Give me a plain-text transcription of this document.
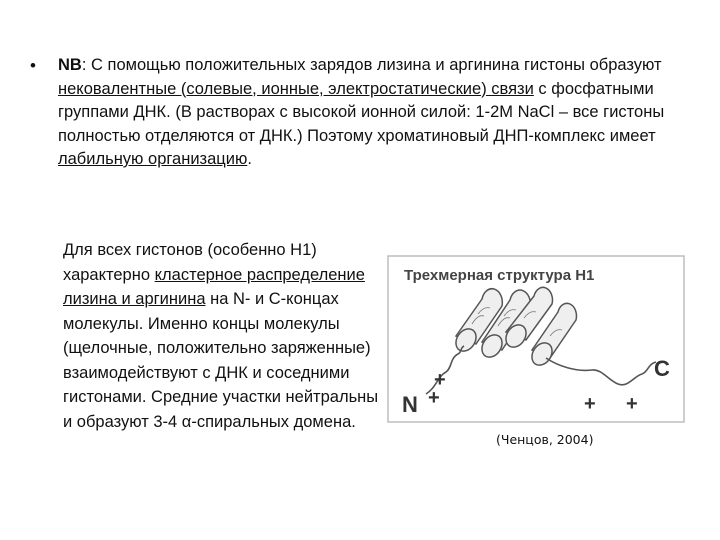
• NB: С помощью положительных зарядов лизина и аргинина гистоны образуют нековалентные (солевые, ионные, электростатические) связи с фосфатными группами ДНК. (В растворах с высокой ионной силой: 1-2М NaCl – все гистоны полностью отделяются от ДНК.) Поэтому хроматиновый ДНП-комплекс имеет лабильную организацию.
Для всех гистонов (особенно Н1) характерно кластерное распределение лизина и аргинина на N- и С-концах молекулы. Именно концы молекулы (щелочные, положительно заряженные) взаимодействуют с ДНК и соседними гистонами. Средние участки нейтральны и образуют 3-4 α-спиральных домена.
Трехмерная структура Н1
N
C
+
+	+ +
(Ченцов, 2004)
